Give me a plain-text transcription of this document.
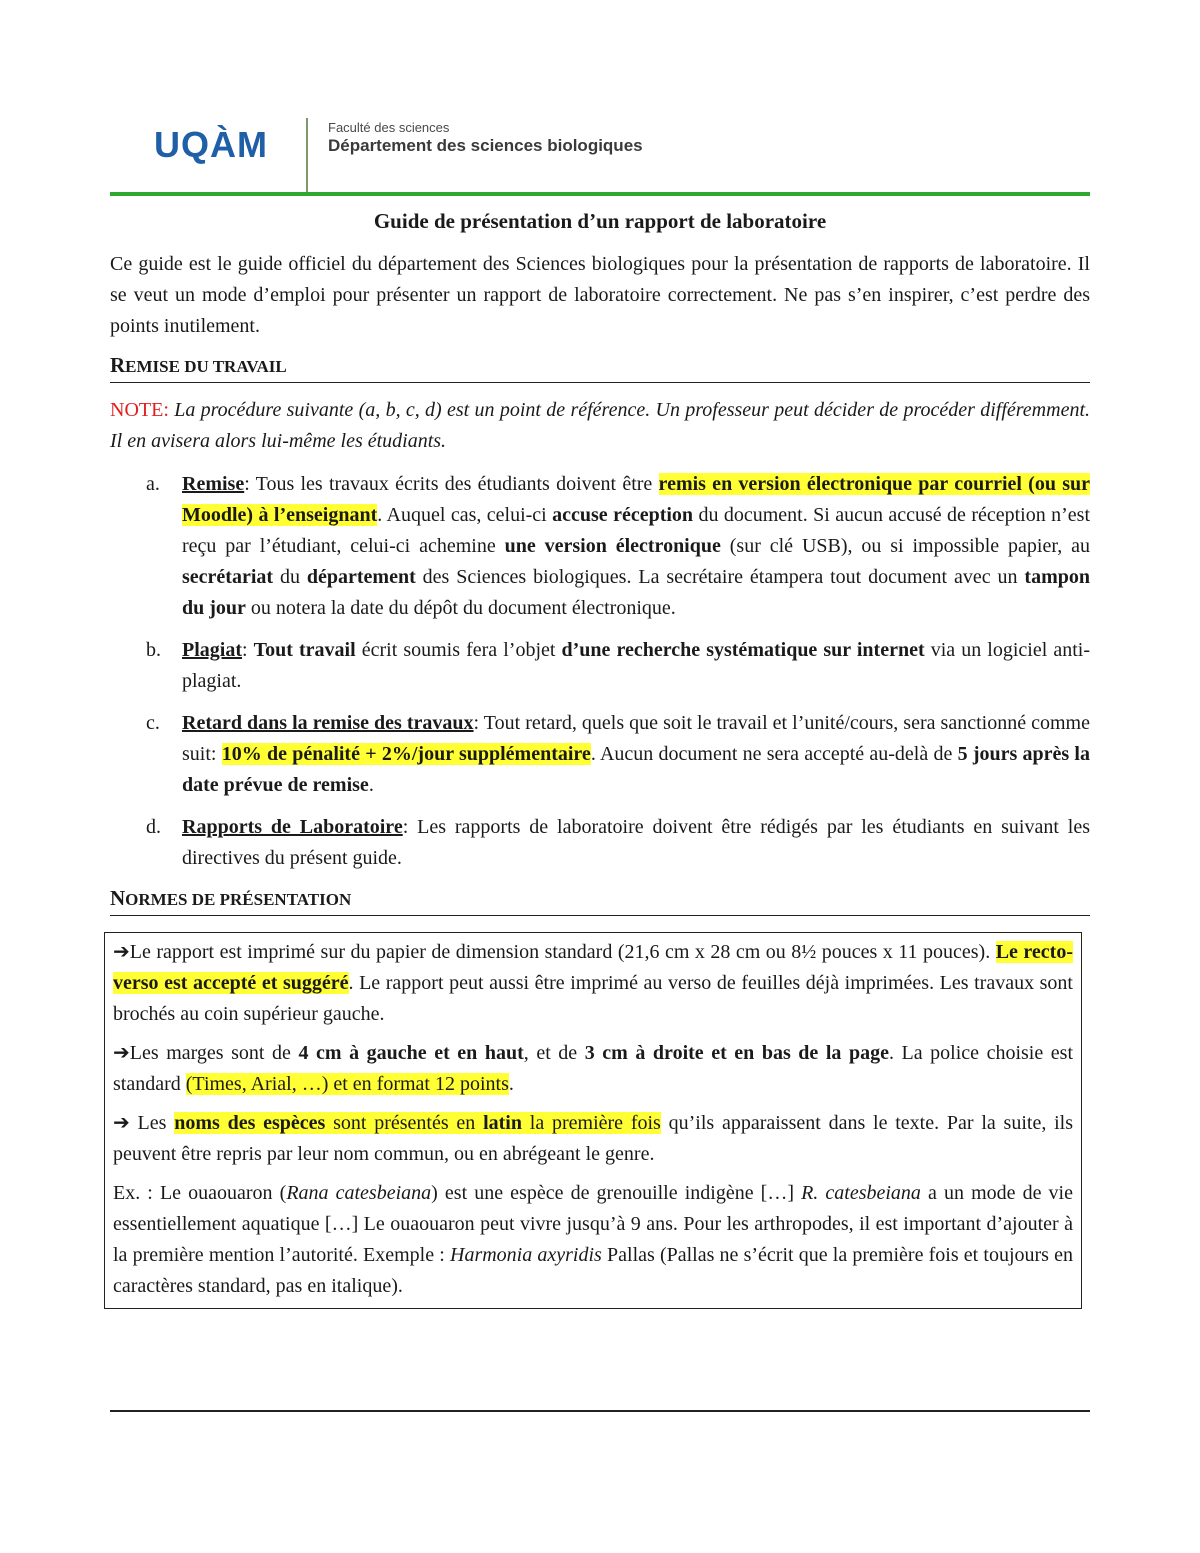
UQÀM	Faculté des sciences
Département des sciences biologiques
Guide de présentation d’un rapport de laboratoire

Ce guide est le guide officiel du département des Sciences biologiques pour la présentation de rapports de laboratoire. Il se veut un mode d’emploi pour présenter un rapport de laboratoire correctement. Ne pas s’en inspirer, c’est perdre des points inutilement.

REMISE DU TRAVAIL

NOTE: La procédure suivante (a, b, c, d) est un point de référence. Un professeur peut décider de procéder différemment. Il en avisera alors lui-même les étudiants.

a. Remise: Tous les travaux écrits des étudiants doivent être remis en version électronique par courriel (ou sur Moodle) à l’enseignant. Auquel cas, celui-ci accuse réception du document. Si aucun accusé de réception n’est reçu par l’étudiant, celui-ci achemine une version électronique (sur clé USB), ou si impossible papier, au secrétariat du département des Sciences biologiques. La secrétaire étampera tout document avec un tampon du jour ou notera la date du dépôt du document électronique.
b. Plagiat: Tout travail écrit soumis fera l’objet d’une recherche systématique sur internet via un logiciel anti-plagiat.
c. Retard dans la remise des travaux: Tout retard, quels que soit le travail et l’unité/cours, sera sanctionné comme suit: 10% de pénalité + 2%/jour supplémentaire. Aucun document ne sera accepté au-delà de 5 jours après la date prévue de remise.
d. Rapports de Laboratoire: Les rapports de laboratoire doivent être rédigés par les étudiants en suivant les directives du présent guide.
NORMES DE PRÉSENTATION

➔Le rapport est imprimé sur du papier de dimension standard (21,6 cm x 28 cm ou 8½ pouces x 11 pouces). Le recto-verso est accepté et suggéré. Le rapport peut aussi être imprimé au verso de feuilles déjà imprimées. Les travaux sont brochés au coin supérieur gauche.

➔Les marges sont de 4 cm à gauche et en haut, et de 3 cm à droite et en bas de la page. La police choisie est standard (Times, Arial, …) et en format 12 points.

➔ Les noms des espèces sont présentés en latin la première fois qu’ils apparaissent dans le texte. Par la suite, ils peuvent être repris par leur nom commun, ou en abrégeant le genre.

Ex. : Le ouaouaron (Rana catesbeiana) est une espèce de grenouille indigène […] R. catesbeiana a un mode de vie essentiellement aquatique […] Le ouaouaron peut vivre jusqu’à 9 ans. Pour les arthropodes, il est important d’ajouter à la première mention l’autorité. Exemple : Harmonia axyridis Pallas (Pallas ne s’écrit que la première fois et toujours en caractères standard, pas en italique).
